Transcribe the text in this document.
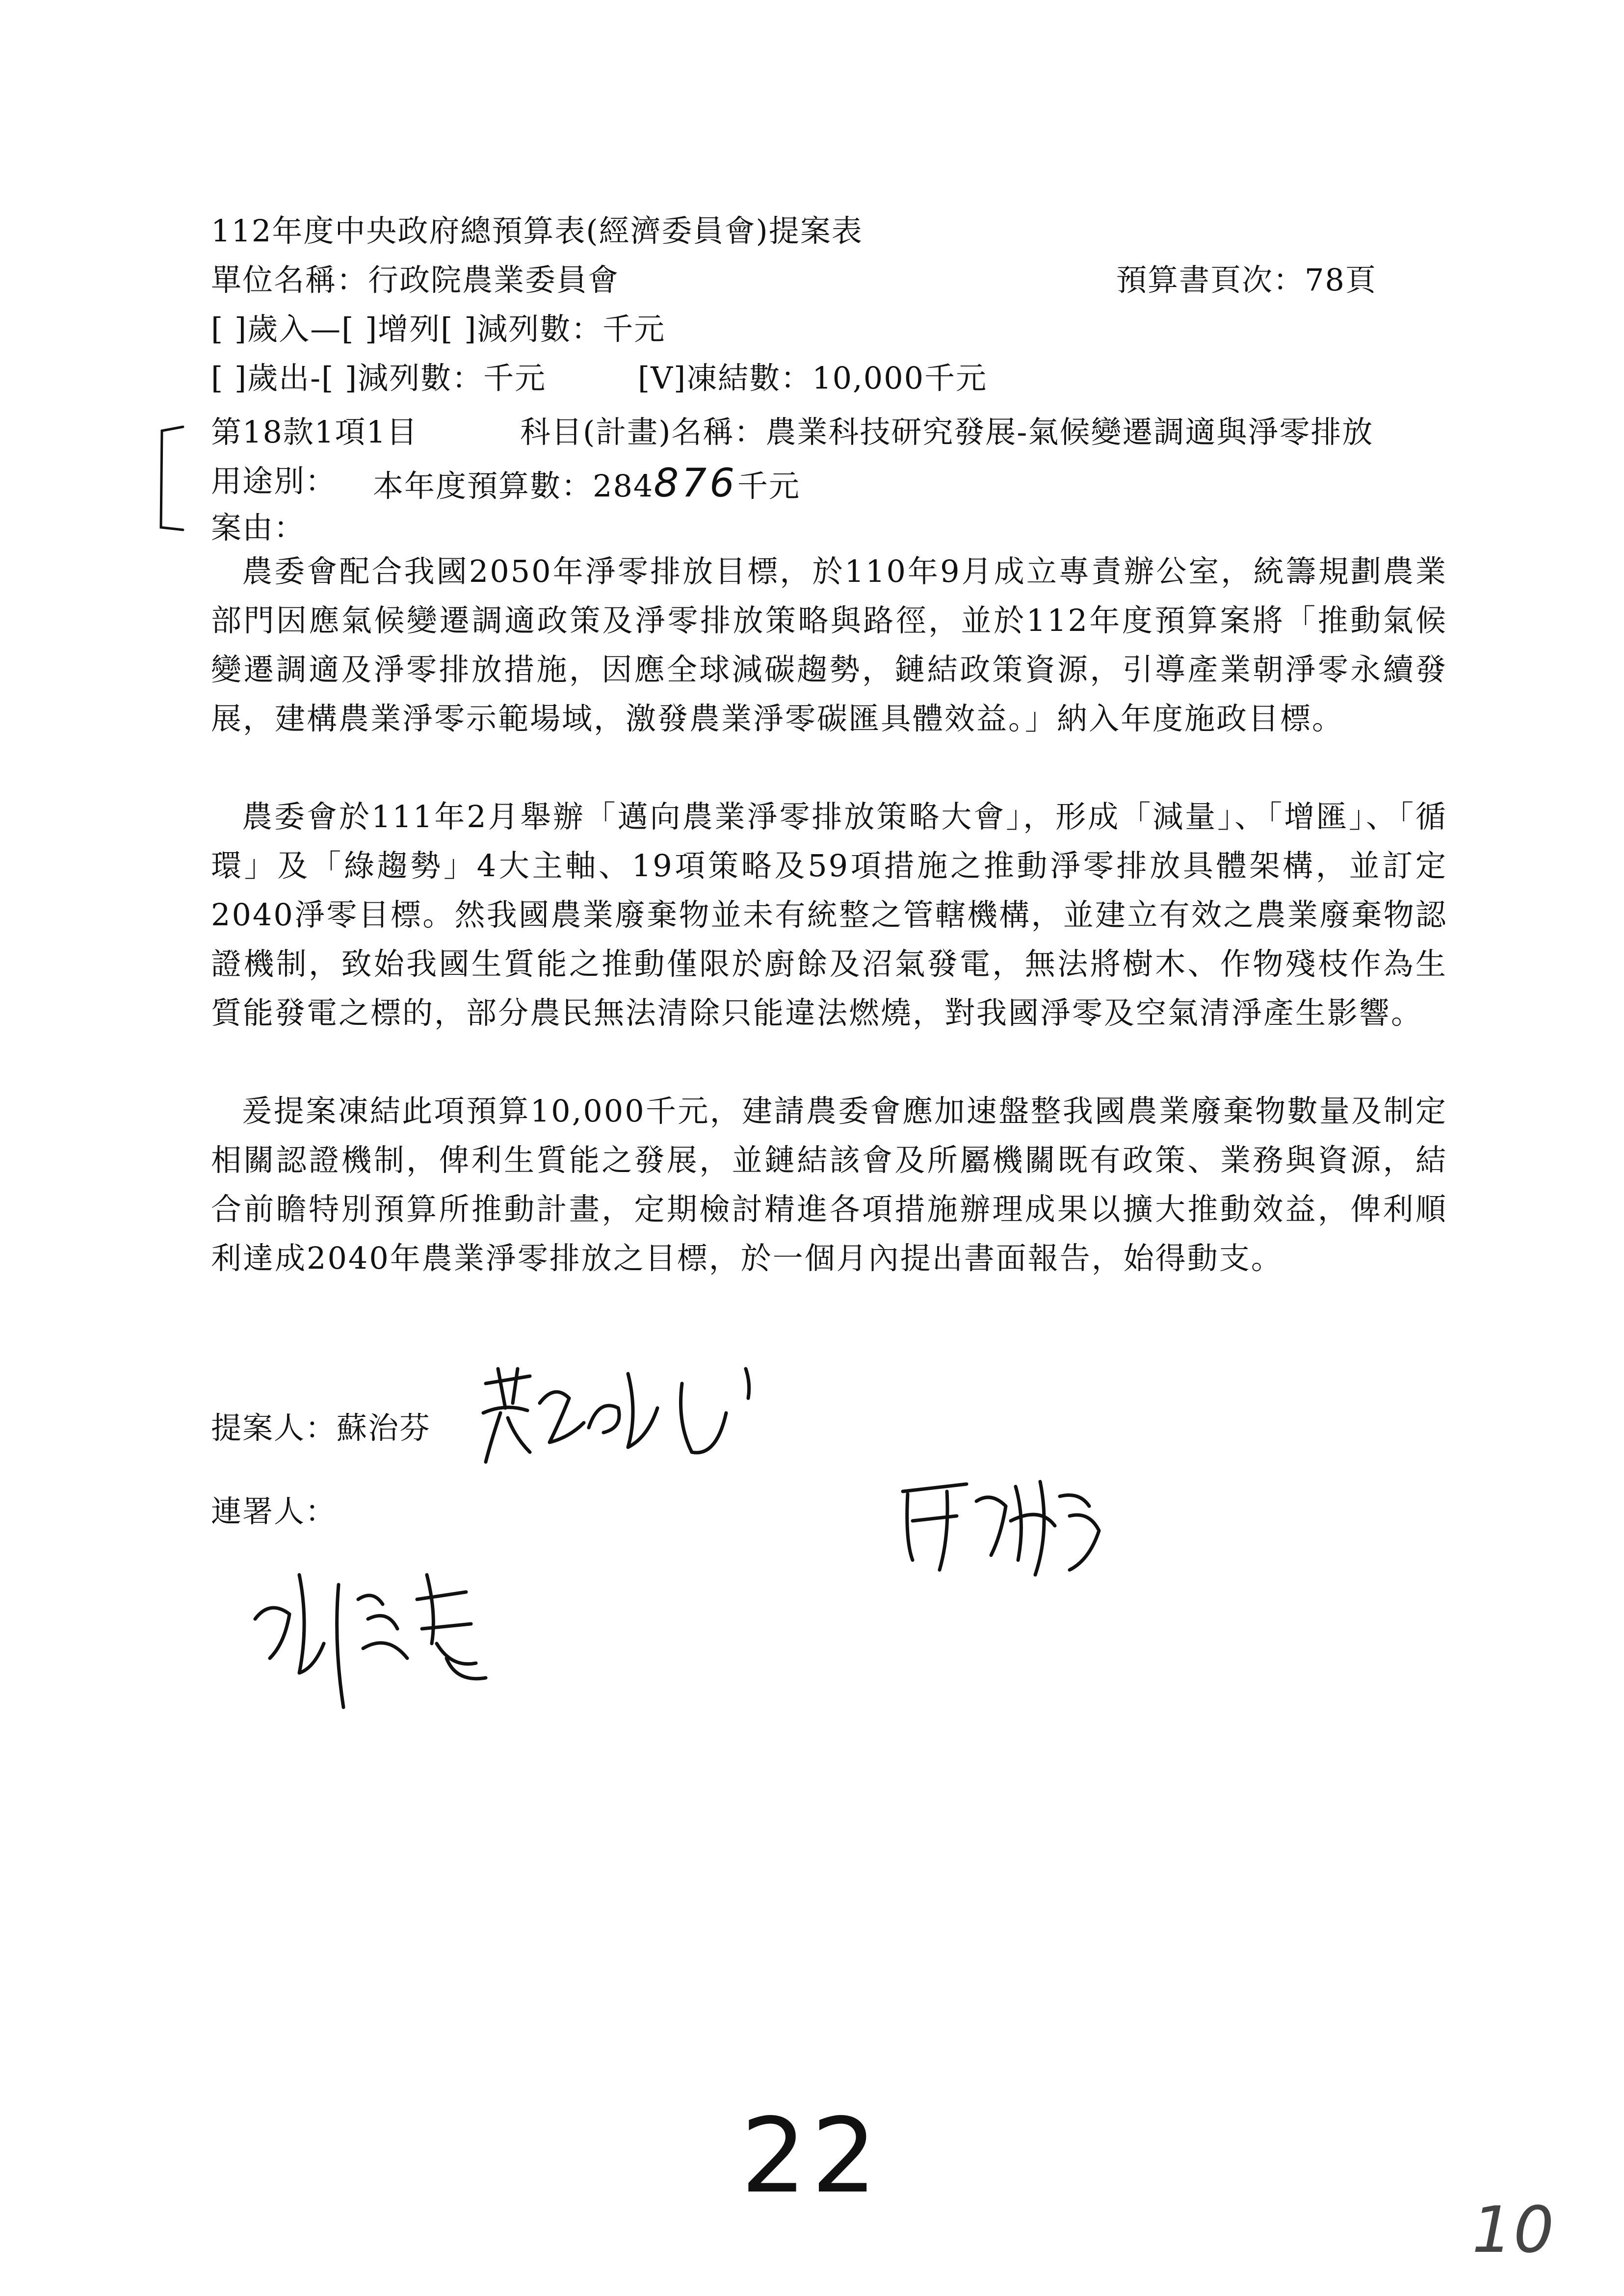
112年度中央政府總預算表(經濟委員會)提案表
單位名稱：行政院農業委員會	預算書頁次：78頁
[ ]歲入—[ ]增列[ ]減列數：千元
[ ]歲出-[ ]減列數：千元	[V]凍結數：10,000千元
第18款1項1目	科目(計畫)名稱：農業科技研究發展-氣候變遷調適與淨零排放
用途別： 本年度預算數：284876千元
案由：
農委會配合我國2050年淨零排放目標，於110年9月成立專責辦公室，統籌規劃農業部門因應氣候變遷調適政策及淨零排放策略與路徑，並於112年度預算案將「推動氣候變遷調適及淨零排放措施，因應全球減碳趨勢，鏈結政策資源，引導產業朝淨零永續發展，建構農業淨零示範場域，激發農業淨零碳匯具體效益。」納入年度施政目標。
農委會於111年2月舉辦「邁向農業淨零排放策略大會」，形成「減量」、「增匯」、「循環」及「綠趨勢」4大主軸、19項策略及59項措施之推動淨零排放具體架構，並訂定2040淨零目標。然我國農業廢棄物並未有統整之管轄機構，並建立有效之農業廢棄物認證機制，致始我國生質能之推動僅限於廚餘及沼氣發電，無法將樹木、作物殘枝作為生質能發電之標的，部分農民無法清除只能違法燃燒，對我國淨零及空氣清淨產生影響。
爰提案凍結此項預算10,000千元，建請農委會應加速盤整我國農業廢棄物數量及制定相關認證機制，俾利生質能之發展，並鏈結該會及所屬機關既有政策、業務與資源，結合前瞻特別預算所推動計畫，定期檢討精進各項措施辦理成果以擴大推動效益，俾利順利達成2040年農業淨零排放之目標，於一個月內提出書面報告，始得動支。
提案人：蘇治芬
連署人：
22
10
